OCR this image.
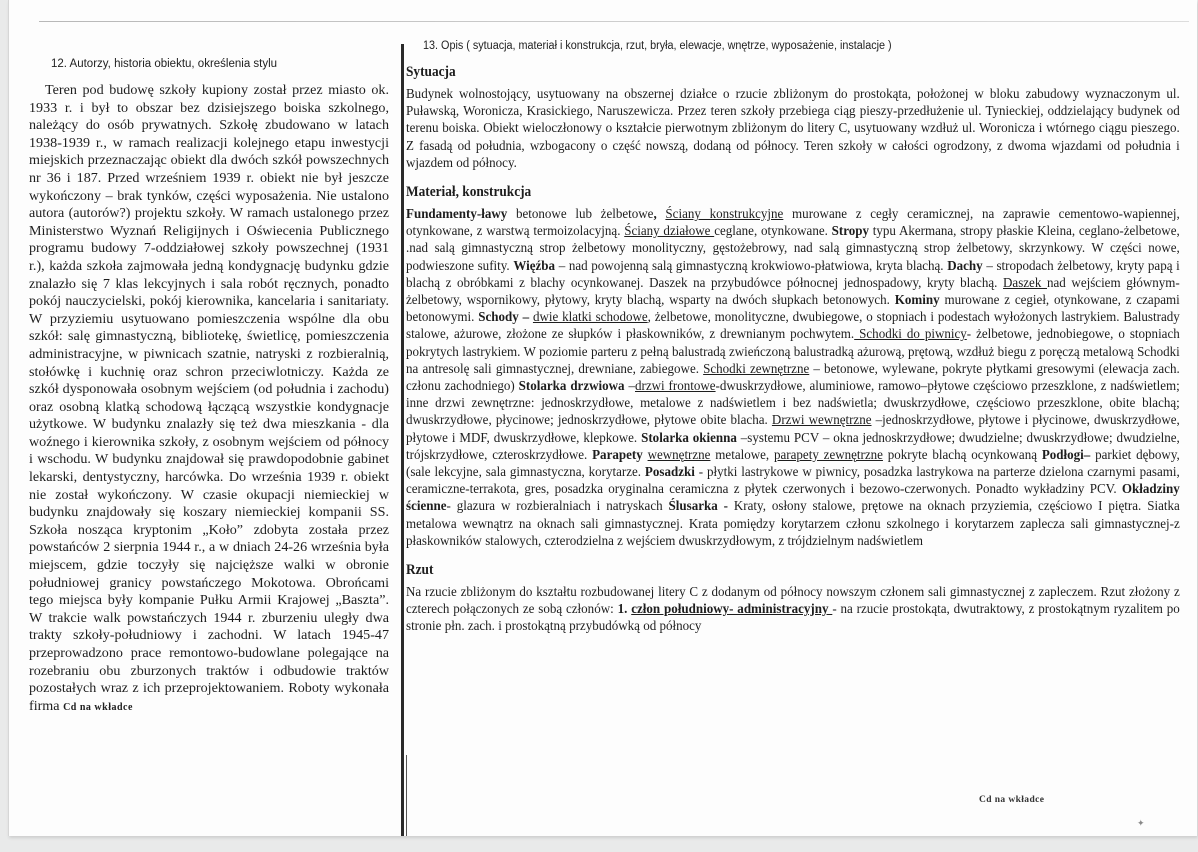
12. Autorzy, historia obiektu, określenia stylu

Teren pod budowę szkoły kupiony został przez miasto ok. 1933 r. i był to obszar bez dzisiejszego boiska szkolnego, należący do osób prywatnych. Szkołę zbudowano w latach 1938-1939 r., w ramach realizacji kolejnego etapu inwestycji miejskich przeznaczając obiekt dla dwóch szkół powszechnych nr 36 i 187. Przed wrześniem 1939 r. obiekt nie był jeszcze wykończony – brak tynków, części wyposażenia. Nie ustalono autora (autorów?) projektu szkoły. W ramach ustalonego przez Ministerstwo Wyznań Religijnych i Oświecenia Publicznego programu budowy 7-oddziałowej szkoły powszechnej (1931 r.), każda szkoła zajmowała jedną kondygnację budynku gdzie znalazło się 7 klas lekcyjnych i sala robót ręcznych, ponadto pokój nauczycielski, pokój kierownika, kancelaria i sanitariaty. W przyziemiu usytuowano pomieszczenia wspólne dla obu szkół: salę gimnastyczną, bibliotekę, świetlicę, pomieszczenia administracyjne, w piwnicach szatnie, natryski z rozbieralnią, stołówkę i kuchnię oraz schron przeciwlotniczy. Każda ze szkół dysponowała osobnym wejściem (od południa i zachodu) oraz osobną klatką schodową łączącą wszystkie kondygnacje użytkowe. W budynku znalazły się też dwa mieszkania - dla woźnego i kierownika szkoły, z osobnym wejściem od północy i wschodu. W budynku znajdował się prawdopodobnie gabinet lekarski, dentystyczny, harcówka. Do września 1939 r. obiekt nie został wykończony. W czasie okupacji niemieckiej w budynku znajdowały się koszary niemieckiej kompanii SS. Szkoła nosząca kryptonim „Koło” zdobyta została przez powstańców 2 sierpnia 1944 r., a w dniach 24-26 września była miejscem, gdzie toczyły się najcięższe walki w obronie południowej granicy powstańczego Mokotowa. Obrońcami tego miejsca były kompanie Pułku Armii Krajowej „Baszta”. W trakcie walk powstańczych 1944 r. zburzeniu uległy dwa trakty szkoły-południowy i zachodni. W latach 1945-47 przeprowadzono prace remontowo-budowlane polegające na rozebraniu obu zburzonych traktów i odbudowie traktów pozostałych wraz z ich przeprojektowaniem. Roboty wykonała firma Cd na wkładce

13. Opis ( sytuacja, materiał i konstrukcja, rzut, bryła, elewacje, wnętrze, wyposażenie, instalacje )
Sytuacja

Budynek wolnostojący, usytuowany na obszernej działce o rzucie zbliżonym do prostokąta, położonej w bloku zabudowy wyznaczonym ul. Puławską, Woronicza, Krasickiego, Naruszewicza. Przez teren szkoły przebiega ciąg pieszy-przedłużenie ul. Tynieckiej, oddzielający budynek od terenu boiska. Obiekt wieloczłonowy o kształcie pierwotnym zbliżonym do litery C, usytuowany wzdłuż ul. Woronicza i wtórnego ciągu pieszego. Z fasadą od południa, wzbogacony o część nowszą, dodaną od północy. Teren szkoły w całości ogrodzony, z dwoma wjazdami od południa i wjazdem od północy.

Materiał, konstrukcja

Fundamenty-ławy betonowe lub żelbetowe, Ściany konstrukcyjne murowane z cegły ceramicznej, na zaprawie cementowo-wapiennej, otynkowane, z warstwą termoizolacyjną. Ściany działowe ceglane, otynkowane. Stropy typu Akermana, stropy płaskie Kleina, ceglano-żelbetowe, .nad salą gimnastyczną strop żelbetowy monolityczny, gęstożebrowy, nad salą gimnastyczną strop żelbetowy, skrzynkowy. W części nowe, podwieszone sufity. Więźba – nad powojenną salą gimnastyczną krokwiowo-płatwiowa, kryta blachą. Dachy – stropodach żelbetowy, kryty papą i blachą z obróbkami z blachy ocynkowanej. Daszek na przybudówce północnej jednospadowy, kryty blachą. Daszek nad wejściem głównym- żelbetowy, wspornikowy, płytowy, kryty blachą, wsparty na dwóch słupkach betonowych. Kominy murowane z cegieł, otynkowane, z czapami betonowymi. Schody – dwie klatki schodowe, żelbetowe, monolityczne, dwubiegowe, o stopniach i podestach wyłożonych lastrykiem. Balustrady stalowe, ażurowe, złożone ze słupków i płaskowników, z drewnianym pochwytem. Schodki do piwnicy- żelbetowe, jednobiegowe, o stopniach pokrytych lastrykiem. W poziomie parteru z pełną balustradą zwieńczoną balustradką ażurową, prętową, wzdłuż biegu z poręczą metalową Schodki na antresolę sali gimnastycznej, drewniane, zabiegowe. Schodki zewnętrzne – betonowe, wylewane, pokryte płytkami gresowymi (elewacja zach. członu zachodniego) Stolarka drzwiowa –drzwi frontowe-dwuskrzydłowe, aluminiowe, ramowo–płytowe częściowo przeszklone, z nadświetlem; inne drzwi zewnętrzne: jednoskrzydłowe, metalowe z nadświetlem i bez nadświetla; dwuskrzydłowe, częściowo przeszklone, obite blachą; dwuskrzydłowe, płycinowe; jednoskrzydłowe, płytowe obite blacha. Drzwi wewnętrzne –jednoskrzydłowe, płytowe i płycinowe, dwuskrzydłowe, płytowe i MDF, dwuskrzydłowe, klepkowe. Stolarka okienna –systemu PCV – okna jednoskrzydłowe; dwudzielne; dwuskrzydłowe; dwudzielne, trójskrzydłowe, czteroskrzydłowe. Parapety wewnętrzne metalowe, parapety zewnętrzne pokryte blachą ocynkowaną Podłogi– parkiet dębowy, (sale lekcyjne, sala gimnastyczna, korytarze. Posadzki - płytki lastrykowe w piwnicy, posadzka lastrykowa na parterze dzielona czarnymi pasami, ceramiczne-terrakota, gres, posadzka oryginalna ceramiczna z płytek czerwonych i bezowo-czerwonych. Ponadto wykładziny PCV. Okładziny ścienne- glazura w rozbieralniach i natryskach Ślusarka - Kraty, osłony stalowe, prętowe na oknach przyziemia, częściowo I piętra. Siatka metalowa wewnątrz na oknach sali gimnastycznej. Krata pomiędzy korytarzem członu szkolnego i korytarzem zaplecza sali gimnastycznej-z płaskowników stalowych, czterodzielna z wejściem dwuskrzydłowym, z trójdzielnym nadświetlem

Rzut

Na rzucie zbliżonym do kształtu rozbudowanej litery C z dodanym od północy nowszym członem sali gimnastycznej z zapleczem. Rzut złożony z czterech połączonych ze sobą członów: 1. człon południowy- administracyjny - na rzucie prostokąta, dwutraktowy, z prostokątnym ryzalitem po stronie płn. zach. i prostokątną przybudówką od północy

Cd na wkładce
✦
